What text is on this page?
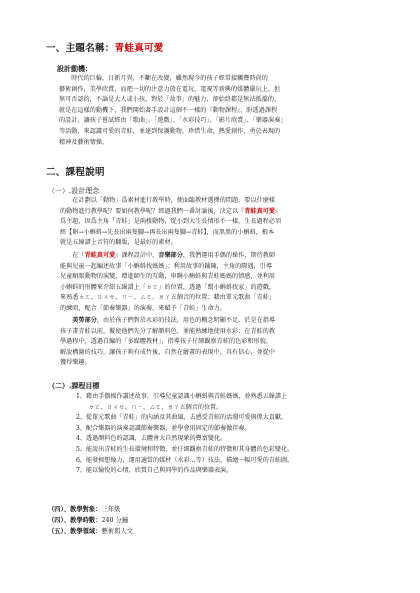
一、主題名稱：青蛙真可愛
設計動機：
　　時代的巨輪，日新月異，不斷在改變，雖然現今的孩子經常接觸豐時尚的
藝術創作，美學欣賞，而把一切的注意力放在電玩、電視等新興的媒體嚴玩上，但
無可否認的，不論是大人或小孩，對於「故事」的魅力，卻始終都是無法抵擋的。
就是在這樣的動機下，我們開始著手設計這個不一樣的『動物課程』，盼透過課程
的設計，讓孩子嘗試經由「歌曲」、「遊戲」、「水彩技巧」、「影片欣賞」、「樂器演奏」
等活動，來認識可愛的青蛙，並達到保護動物、珍惜生命、熱愛創作、勇於表現的
精神及藝術情操。
二、課程說明
（一）.設計理念
　　在計劃以「動物」爲素材進行教學時，便面臨教材選擇的問題，要以什麼樣
的動物進行教學呢？要如何教學呢？經過我們一番討論後，決定以『青蛙真可愛』
爲主題，因爲主角「青蛙」是兩棲動物，從小到大生長情形不一樣，生長過程必須
經【卵→小蝌蚪→先長出兩隻腳→再長出兩隻腳→青蛙】，而黑黑的小蝌蚪，根本
就是五線譜上音符的翻版，是最好的素材。
　　在『青蛙真可愛』課程設計中，音樂部分，我們運用手偶的操作，期待教師
能與兒童一起編述故事「小蝌蚪找媽媽」；利用故事的鋪陳，主角的際遇，引導
兒童順眼動物的演變，增進師生的互動，串聯小蝌蚪與青蛙媽媽的情感，並利用
小蝌蚪的形體來介紹五線譜上「ㄉㄛ」的位置，透過「幫小蝌蚪找家」的遊戲，
來熟悉ㄉㄛ、ㄖㄨㄝ、ㄇㄧ、ㄙㄛ、ㄌㄚ五個音的位置；藉由單元歌曲「青蛙」
的練唱，配合「節奏樂器」的演奏，來賦予「青蛙」生命力。
　　美勞部分，由於孩子們對於水彩的技法，用色的概念明顯不足，於是在指導
孩子畫青蛙以前，擬使他們先分了解顏料色，並能熟練地使用水彩；在青蛙的教
學過程中，透過自編的「多媒體教材」，指導孩子仔細觀察青蛙的色彩和形貌，
解說構圖的技巧，讓孩子夠有成竹後，自然在繪畫的表現中，具有信心，並從中
獲得樂趣。
（二）.課程目標
1、藉由手偶操作講述故事，引導兒童認識小蝌蚪與青蛙媽媽，並熟悉五線譜上
　　ㄉㄛ、ㄖㄨㄝ、ㄇㄧ、ㄙㄛ、ㄌㄚ五個音的位置。
2、從單元歌曲「青蛙」的內涵及其曲風，去感受青蛙的活潑可愛與偉大貢獻。
3、配合樂器的演奏認識節奏樂器，並學會用固定的節奏做伴奏。
4、透過顏料色的認識，去體會大自然現象的豐富變化。
5、能說出青蛙的生長環境和特徵，並仔細觀察青蛙的特徵和其身體的色彩變化。
6、能發揮想像力，運用適當的媒材（水彩…等）技法，描繪一幅可愛的青蛙圖。
7、能以愉悅的心情，欣賞自己與同學的作品與樂器表演。
（四）、教學對象：三年級
（四）、教學時數：240 分鐘
（五）、教學領域：藝術與人文
